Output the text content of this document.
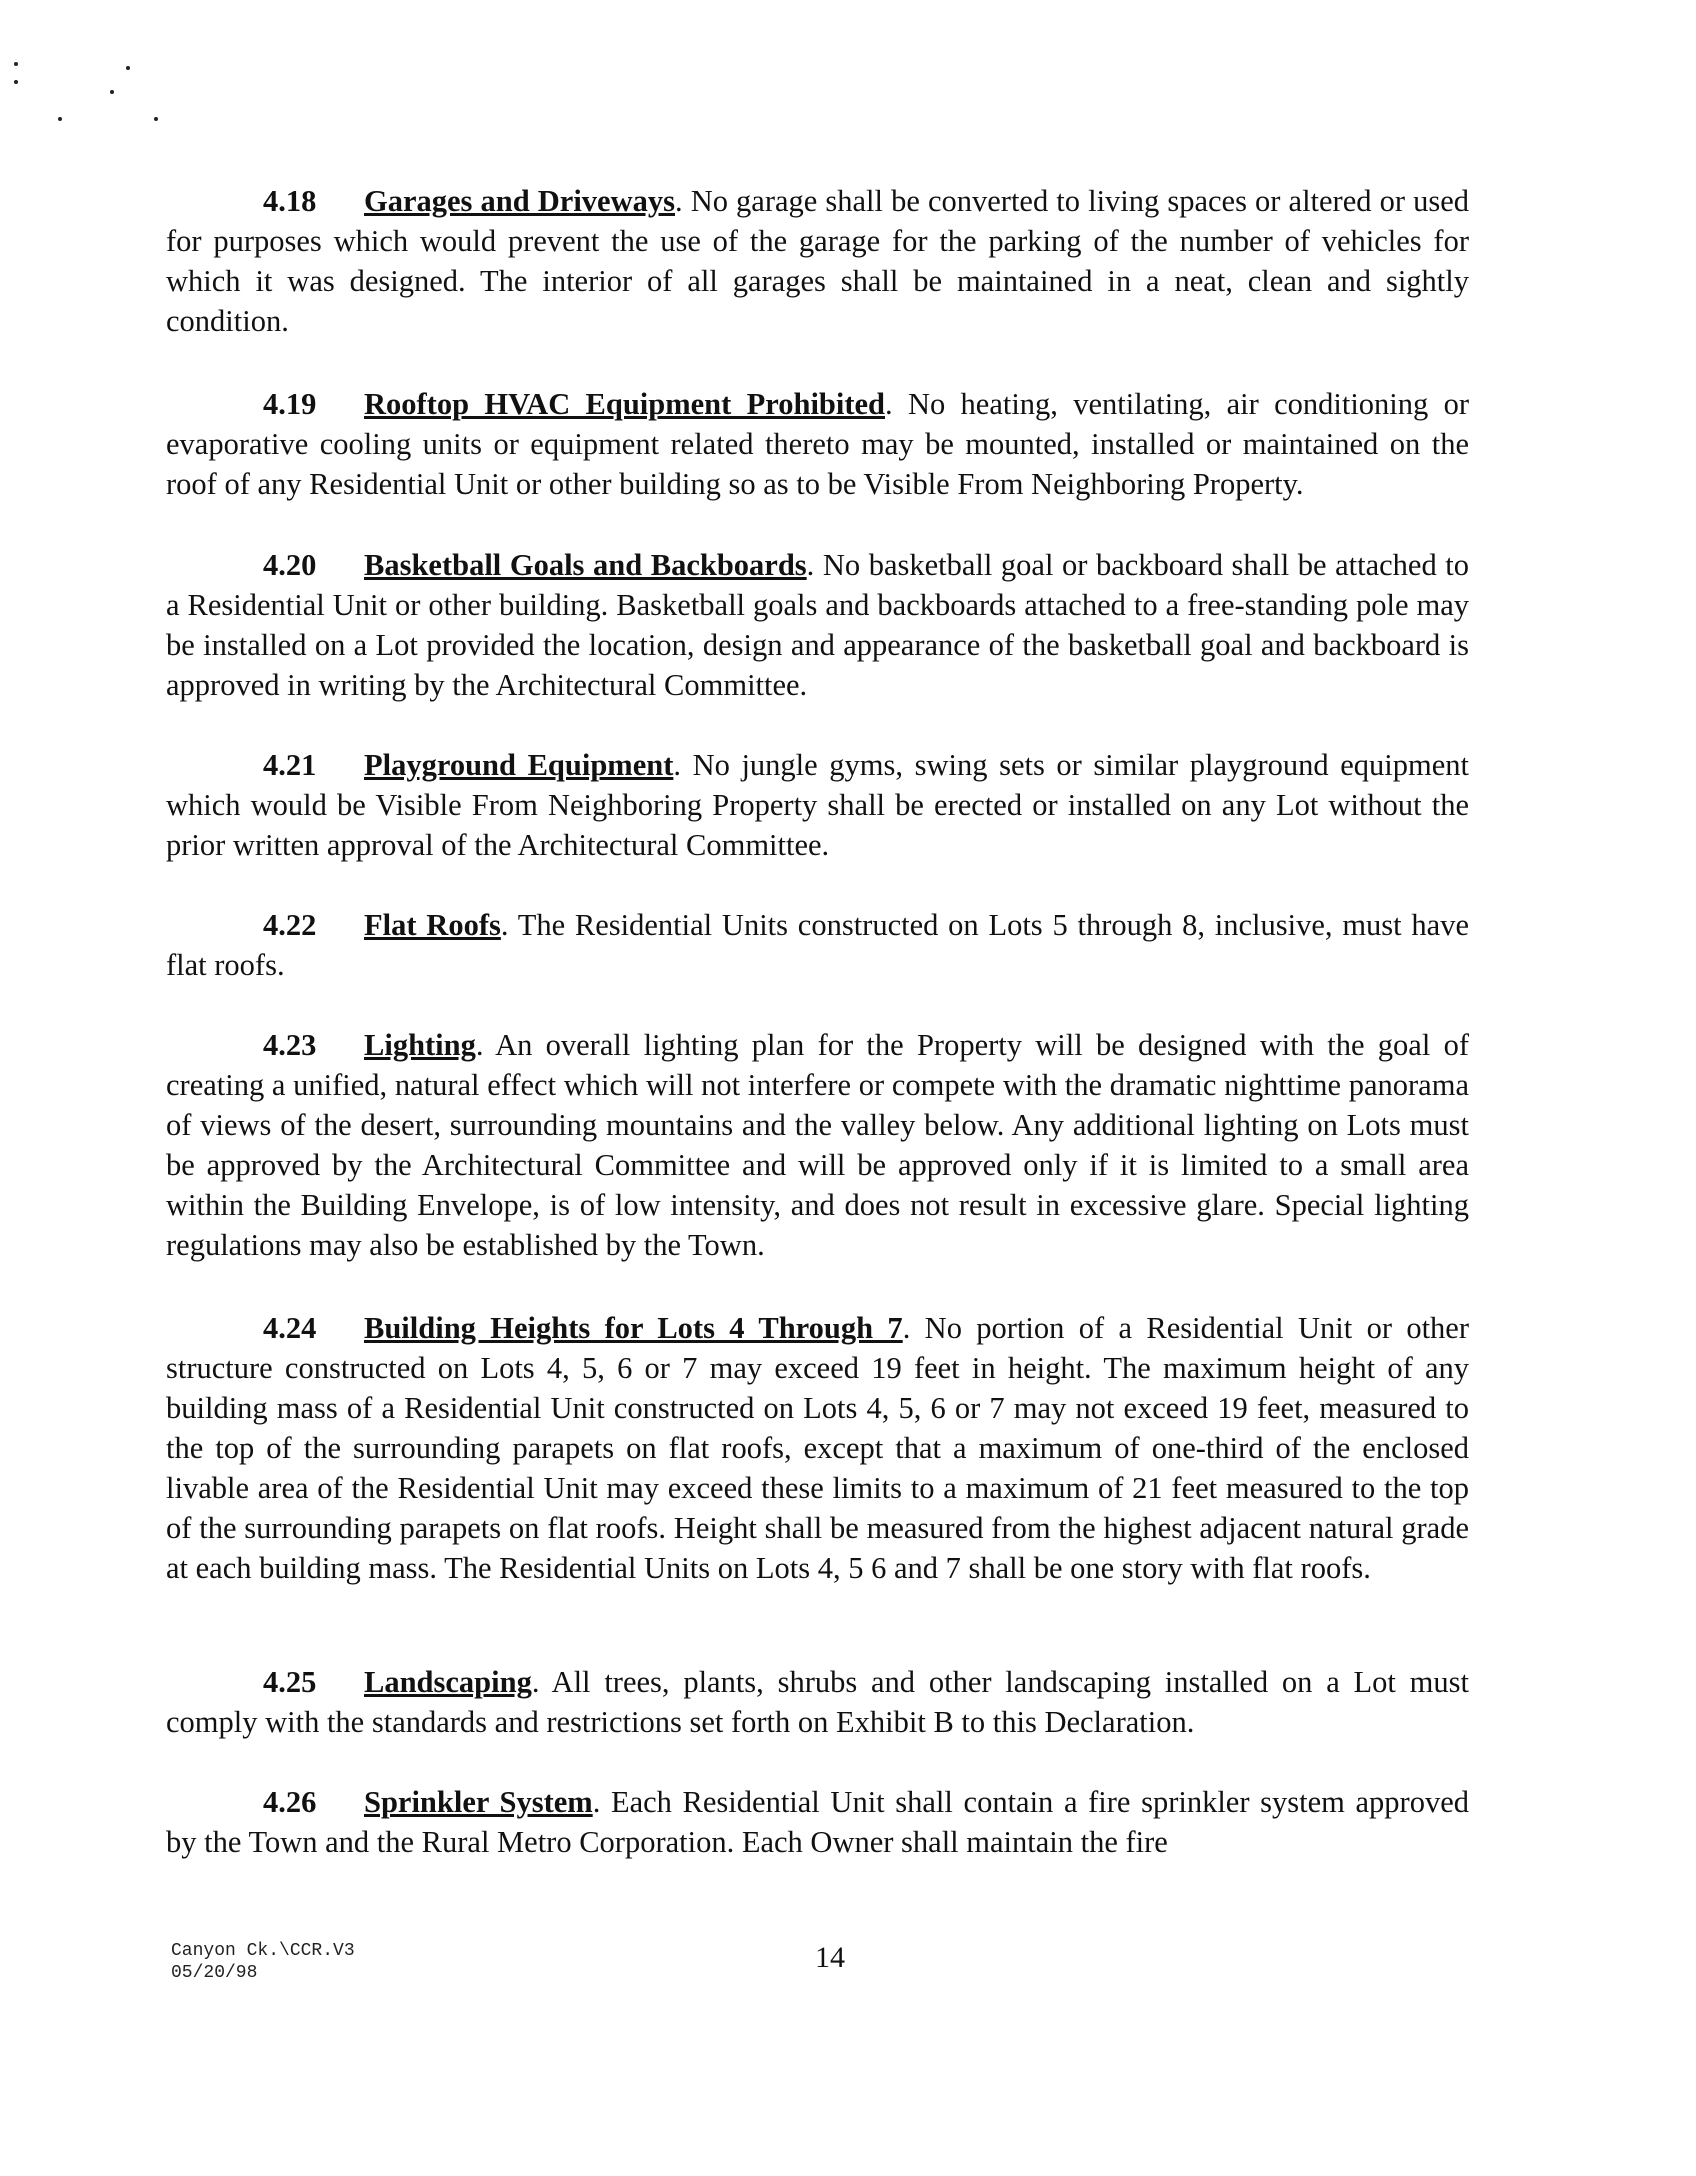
4.18 Garages and Driveways. No garage shall be converted to living spaces or altered or used for purposes which would prevent the use of the garage for the parking of the number of vehicles for which it was designed. The interior of all garages shall be maintained in a neat, clean and sightly condition.

4.19 Rooftop HVAC Equipment Prohibited. No heating, ventilating, air conditioning or evaporative cooling units or equipment related thereto may be mounted, installed or maintained on the roof of any Residential Unit or other building so as to be Visible From Neighboring Property.

4.20 Basketball Goals and Backboards. No basketball goal or backboard shall be attached to a Residential Unit or other building. Basketball goals and backboards attached to a free-standing pole may be installed on a Lot provided the location, design and appearance of the basketball goal and backboard is approved in writing by the Architectural Committee.

4.21 Playground Equipment. No jungle gyms, swing sets or similar playground equipment which would be Visible From Neighboring Property shall be erected or installed on any Lot without the prior written approval of the Architectural Committee.

4.22 Flat Roofs. The Residential Units constructed on Lots 5 through 8, inclusive, must have flat roofs.

4.23 Lighting. An overall lighting plan for the Property will be designed with the goal of creating a unified, natural effect which will not interfere or compete with the dramatic nighttime panorama of views of the desert, surrounding mountains and the valley below. Any additional lighting on Lots must be approved by the Architectural Committee and will be approved only if it is limited to a small area within the Building Envelope, is of low intensity, and does not result in excessive glare. Special lighting regulations may also be established by the Town.

4.24 Building Heights for Lots 4 Through 7. No portion of a Residential Unit or other structure constructed on Lots 4, 5, 6 or 7 may exceed 19 feet in height. The maximum height of any building mass of a Residential Unit constructed on Lots 4, 5, 6 or 7 may not exceed 19 feet, measured to the top of the surrounding parapets on flat roofs, except that a maximum of one-third of the enclosed livable area of the Residential Unit may exceed these limits to a maximum of 21 feet measured to the top of the surrounding parapets on flat roofs. Height shall be measured from the highest adjacent natural grade at each building mass. The Residential Units on Lots 4, 5 6 and 7 shall be one story with flat roofs.

4.25 Landscaping. All trees, plants, shrubs and other landscaping installed on a Lot must comply with the standards and restrictions set forth on Exhibit B to this Declaration.

4.26 Sprinkler System. Each Residential Unit shall contain a fire sprinkler system approved by the Town and the Rural Metro Corporation. Each Owner shall maintain the fire

Canyon Ck.\CCR.V3
05/20/98	14
